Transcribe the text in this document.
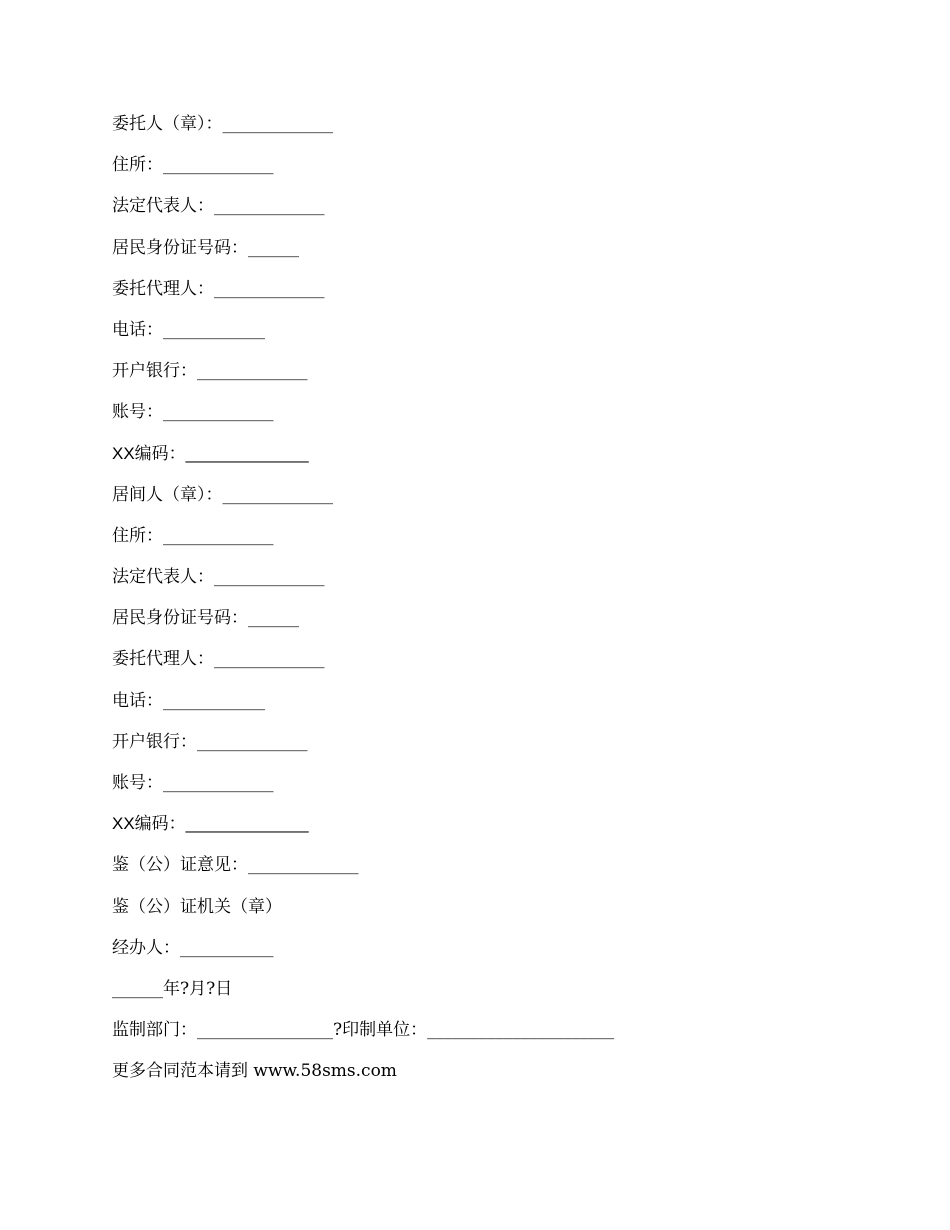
委托人（章）：_____________
住所：_____________
法定代表人：_____________
居民身份证号码：______
委托代理人：_____________
电话：____________
开户银行：_____________
账号：_____________
XX编码：_____________
居间人（章）：_____________
住所：_____________
法定代表人：_____________
居民身份证号码：______
委托代理人：_____________
电话：____________
开户银行：_____________
账号：_____________
XX编码：_____________
鉴（公）证意见：_____________
鉴（公）证机关（章）
经办人：___________
______年?月?日
监制部门：________________?印制单位：______________________
更多合同范本请到 www.58sms.com
